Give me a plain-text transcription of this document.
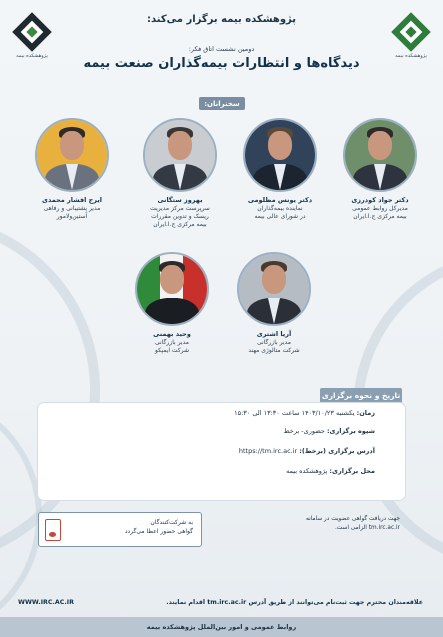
پژوهشکده بیمه	پژوهشکده بیمه
پژوهشکده بیمه برگزار می‌کند:
دومین نشست اتاق فکر:
دیدگاه‌ها و انتظارات بیمه‌گذاران صنعت بیمه
سخنرانان:
دکتر جواد کودرزی
مدیرکل روابط عمومی
بیمه مرکزی ج.ا.ایران
دکتر یونس مظلومی
نماینده بیمه‌گذاران
در شورای عالی بیمه
بهروز ستگانی
سرپرست مرکز مدیریت
ریسک و تدوین مقررات
بیمه مرکزی ج.ا.ایران
ایرج افشار محمدی
مدیر پشتیبانی و رفاهی
آستین‌ولامور
آریا اشتری
مدیر بازرگانی
شرکت متالوژی مهند
وحید بهمنی
مدیر بازرگانی
شرکت ایمپکو
تاریخ و نحوه برگزاری
زمان: یکشنبه ۱۴۰۳/۱۰/۲۳ ساعت ۱۳:۳۰ الی ۱۵:۳۰
شیوه برگزاری: حضوری- برخط
آدرس برگزاری (برخط): https://tm.irc.ac.ir
محل برگزاری: پژوهشکده بیمه
به شرکت‌کنندگان
گواهی حضور اعطا می‌گردد
جهت دریافت گواهی عضویت در سامانه
tm.irc.ac.ir الزامی است.
علاقه‌مندان محترم جهت ثبت‌نام می‌توانند از طریق آدرس tm.irc.ac.ir اقدام نمایند.
WWW.IRC.AC.IR
روابط عمومی و امور بین‌الملل پژوهشکده بیمه
